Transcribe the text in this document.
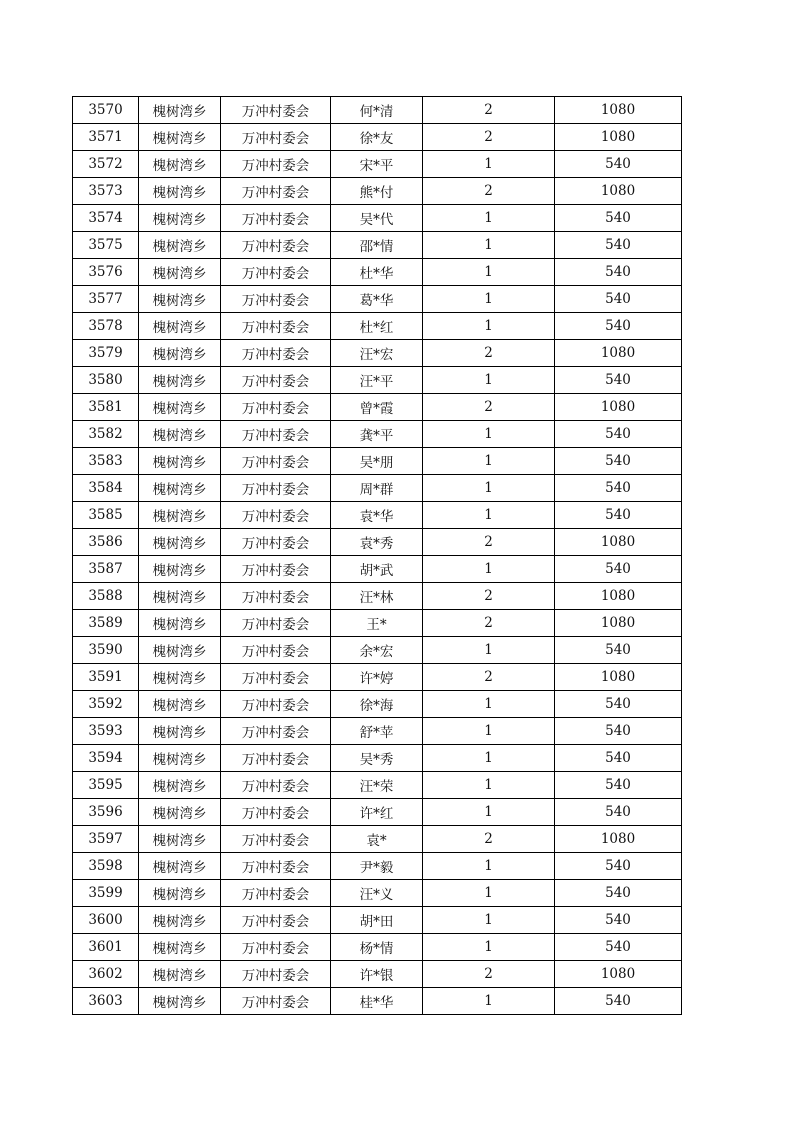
3570	槐树湾乡	万冲村委会	何*清	2	1080
3571	槐树湾乡	万冲村委会	徐*友	2	1080
3572	槐树湾乡	万冲村委会	宋*平	1	540
3573	槐树湾乡	万冲村委会	熊*付	2	1080
3574	槐树湾乡	万冲村委会	吴*代	1	540
3575	槐树湾乡	万冲村委会	邵*情	1	540
3576	槐树湾乡	万冲村委会	杜*华	1	540
3577	槐树湾乡	万冲村委会	葛*华	1	540
3578	槐树湾乡	万冲村委会	杜*红	1	540
3579	槐树湾乡	万冲村委会	汪*宏	2	1080
3580	槐树湾乡	万冲村委会	汪*平	1	540
3581	槐树湾乡	万冲村委会	曾*霞	2	1080
3582	槐树湾乡	万冲村委会	龚*平	1	540
3583	槐树湾乡	万冲村委会	吴*朋	1	540
3584	槐树湾乡	万冲村委会	周*群	1	540
3585	槐树湾乡	万冲村委会	袁*华	1	540
3586	槐树湾乡	万冲村委会	袁*秀	2	1080
3587	槐树湾乡	万冲村委会	胡*武	1	540
3588	槐树湾乡	万冲村委会	汪*林	2	1080
3589	槐树湾乡	万冲村委会	王*	2	1080
3590	槐树湾乡	万冲村委会	余*宏	1	540
3591	槐树湾乡	万冲村委会	许*婷	2	1080
3592	槐树湾乡	万冲村委会	徐*海	1	540
3593	槐树湾乡	万冲村委会	舒*苹	1	540
3594	槐树湾乡	万冲村委会	吴*秀	1	540
3595	槐树湾乡	万冲村委会	汪*荣	1	540
3596	槐树湾乡	万冲村委会	许*红	1	540
3597	槐树湾乡	万冲村委会	袁*	2	1080
3598	槐树湾乡	万冲村委会	尹*毅	1	540
3599	槐树湾乡	万冲村委会	汪*义	1	540
3600	槐树湾乡	万冲村委会	胡*田	1	540
3601	槐树湾乡	万冲村委会	杨*情	1	540
3602	槐树湾乡	万冲村委会	许*银	2	1080
3603	槐树湾乡	万冲村委会	桂*华	1	540
